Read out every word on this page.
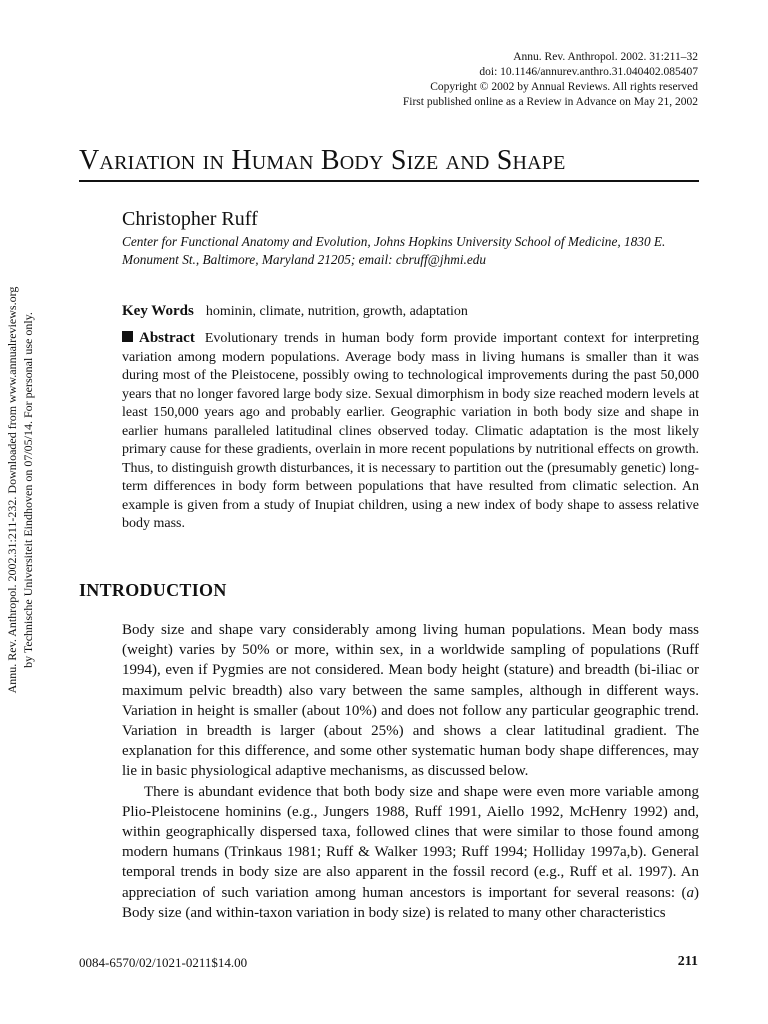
Annu. Rev. Anthropol. 2002. 31:211–32
doi: 10.1146/annurev.anthro.31.040402.085407
Copyright © 2002 by Annual Reviews. All rights reserved
First published online as a Review in Advance on May 21, 2002
Variation in Human Body Size and Shape
Christopher Ruff
Center for Functional Anatomy and Evolution, Johns Hopkins University School of Medicine, 1830 E. Monument St., Baltimore, Maryland 21205; email: cbruff@jhmi.edu
Annu. Rev. Anthropol. 2002.31:211-232. Downloaded from www.annualreviews.org by Technische Universiteit Eindhoven on 07/05/14. For personal use only.
Key Words hominin, climate, nutrition, growth, adaptation

Abstract Evolutionary trends in human body form provide important context for interpreting variation among modern populations. Average body mass in living humans is smaller than it was during most of the Pleistocene, possibly owing to technological improvements during the past 50,000 years that no longer favored large body size. Sexual dimorphism in body size reached modern levels at least 150,000 years ago and probably earlier. Geographic variation in both body size and shape in earlier humans paralleled latitudinal clines observed today. Climatic adaptation is the most likely primary cause for these gradients, overlain in more recent populations by nutritional effects on growth. Thus, to distinguish growth disturbances, it is necessary to partition out the (presumably genetic) long-term differences in body form between populations that have resulted from climatic selection. An example is given from a study of Inupiat children, using a new index of body shape to assess relative body mass.

INTRODUCTION

Body size and shape vary considerably among living human populations. Mean body mass (weight) varies by 50% or more, within sex, in a worldwide sampling of populations (Ruff 1994), even if Pygmies are not considered. Mean body height (stature) and breadth (bi-iliac or maximum pelvic breadth) also vary between the same samples, although in different ways. Variation in height is smaller (about 10%) and does not follow any particular geographic trend. Variation in breadth is larger (about 25%) and shows a clear latitudinal gradient. The explanation for this difference, and some other systematic human body shape differences, may lie in basic physiological adaptive mechanisms, as discussed below.

There is abundant evidence that both body size and shape were even more variable among Plio-Pleistocene hominins (e.g., Jungers 1988, Ruff 1991, Aiello 1992, McHenry 1992) and, within geographically dispersed taxa, followed clines that were similar to those found among modern humans (Trinkaus 1981; Ruff & Walker 1993; Ruff 1994; Holliday 1997a,b). General temporal trends in body size are also apparent in the fossil record (e.g., Ruff et al. 1997). An appreciation of such variation among human ancestors is important for several reasons: (a) Body size (and within-taxon variation in body size) is related to many other characteristics

0084-6570/02/1021-0211$14.00	211
